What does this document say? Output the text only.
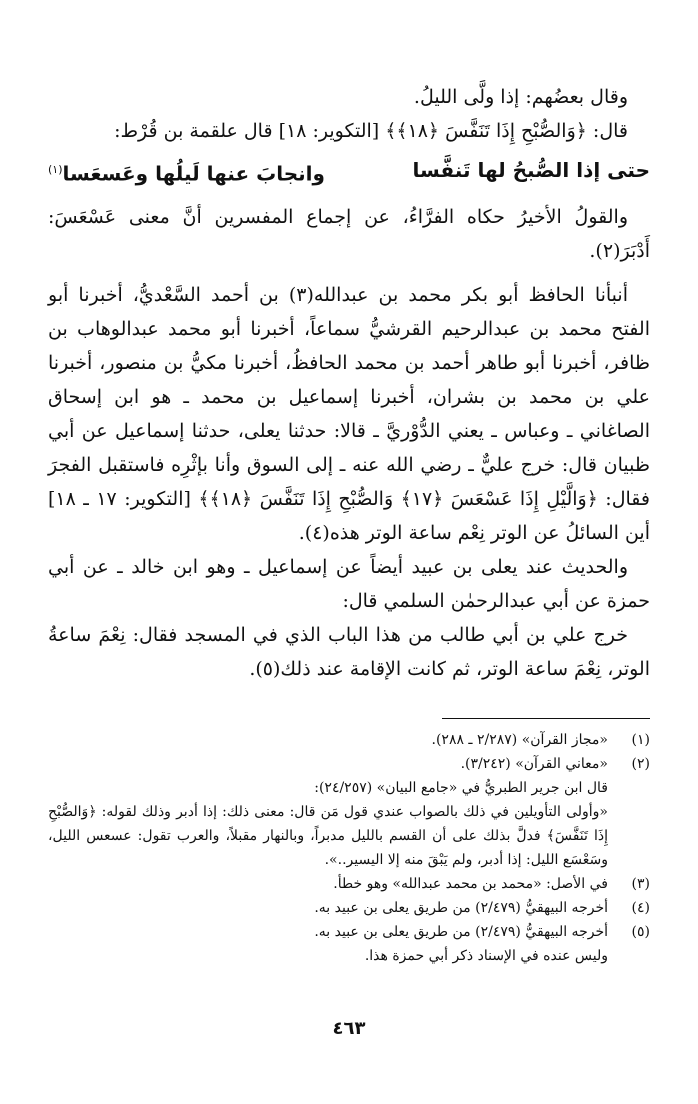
وقال بعضُهم: إذا ولَّى الليلُ.

قال: ﴿وَالصُّبْحِ إِذَا تَنَفَّسَ ﴿١٨﴾﴾ [التكوير: ١٨] قال علقمة بن قُرْط:

حتى إذا الصُّبحُ لها تَنفَّسا
وانجابَ عنها لَيلُها وعَسعَسا$^{(١)}$

والقولُ الأخيرُ حكاه الفرَّاءُ، عن إجماع المفسرين أنَّ معنى عَسْعَسَ: أَدْبَرَ(٢).

أنبأنا الحافظ أبو بكر محمد بن عبدالله(٣) بن أحمد السَّعْديُّ، أخبرنا أبو الفتح محمد بن عبدالرحيم القرشيُّ سماعاً، أخبرنا أبو محمد عبدالوهاب بن ظافر، أخبرنا أبو طاهر أحمد بن محمد الحافظُ، أخبرنا مكيُّ بن منصور، أخبرنا علي بن محمد بن بشران، أخبرنا إسماعيل بن محمد ـ هو ابن إسحاق الصاغاني ـ وعباس ـ يعني الدُّوْريَّ ـ قالا: حدثنا يعلى، حدثنا إسماعيل عن أبي ظبيان قال: خرج عليٌّ ـ رضي الله عنه ـ إلى السوق وأنا بإثْرِه فاستقبل الفجرَ فقال: ﴿وَالَّيْلِ إِذَا عَسْعَسَ ﴿١٧﴾ وَالصُّبْحِ إِذَا تَنَفَّسَ ﴿١٨﴾﴾ [التكوير: ١٧ ـ ١٨] أين السائلُ عن الوتر نِعْم ساعة الوتر هذه(٤).

والحديث عند يعلى بن عبيد أيضاً عن إسماعيل ـ وهو ابن خالد ـ عن أبي حمزة عن أبي عبدالرحمٰن السلمي قال:

خرج علي بن أبي طالب من هذا الباب الذي في المسجد فقال: نِعْمَ ساعةُ الوتر، نِعْمَ ساعة الوتر، ثم كانت الإقامة عند ذلك(٥).

(١)
«مجاز القرآن» (٢/٢٨٧ ـ ٢٨٨).
(٢)
«معاني القرآن» (٣/٢٤٢).
قال ابن جرير الطبريُّ في «جامع البيان» (٢٤/٢٥٧):
«وأولى التأويلين في ذلك بالصواب عندي قول مَن قال: معنى ذلك: إذا أدبر وذلك لقوله: ﴿وَالصُّبْحِ إِذَا تَنَفَّسَ﴾ فدلَّ بذلك على أن القسم بالليل مدبراً، وبالنهار مقبلاً، والعرب تقول: عسعس الليل، وسَعْسَع الليل: إذا أدبر، ولم يَبْقَ منه إلا اليسير..».
(٣)
في الأصل: «محمد بن محمد عبدالله» وهو خطأ.
(٤)
أخرجه البيهقيُّ (٢/٤٧٩) من طريق يعلى بن عبيد به.
(٥)
أخرجه البيهقيُّ (٢/٤٧٩) من طريق يعلى بن عبيد به.
وليس عنده في الإسناد ذكر أبي حمزة هذا.
٤٦٣
